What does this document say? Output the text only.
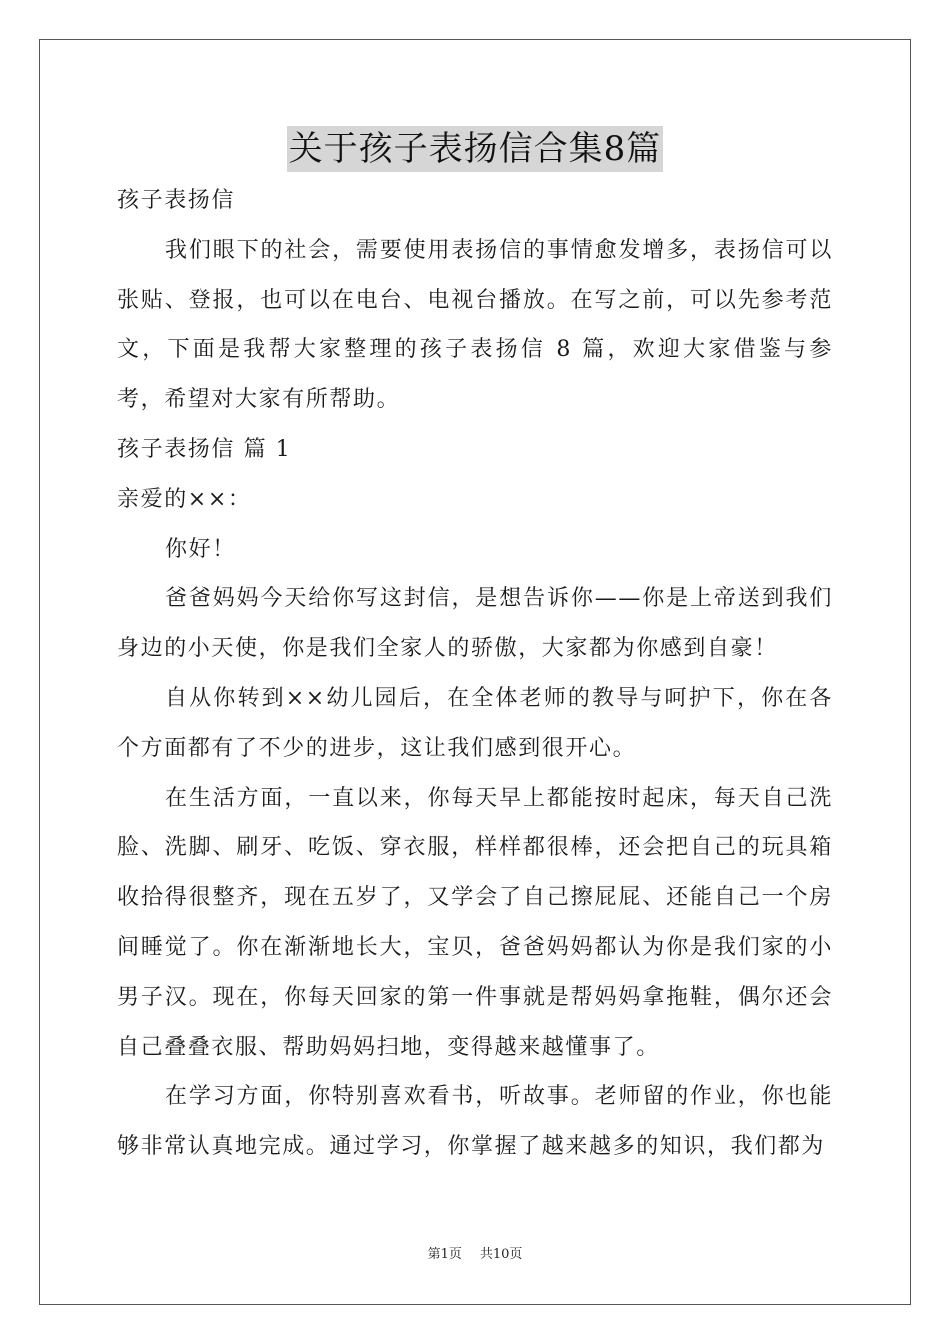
关于孩子表扬信合集8篇

孩子表扬信

我们眼下的社会，需要使用表扬信的事情愈发增多，表扬信可以张贴、登报，也可以在电台、电视台播放。在写之前，可以先参考范文，下面是我帮大家整理的孩子表扬信 8 篇，欢迎大家借鉴与参考，希望对大家有所帮助。

孩子表扬信 篇 1

亲爱的××：

你好！

爸爸妈妈今天给你写这封信，是想告诉你——你是上帝送到我们身边的小天使，你是我们全家人的骄傲，大家都为你感到自豪！

自从你转到××幼儿园后，在全体老师的教导与呵护下，你在各个方面都有了不少的进步，这让我们感到很开心。

在生活方面，一直以来，你每天早上都能按时起床，每天自己洗脸、洗脚、刷牙、吃饭、穿衣服，样样都很棒，还会把自己的玩具箱收拾得很整齐，现在五岁了，又学会了自己擦屁屁、还能自己一个房间睡觉了。你在渐渐地长大，宝贝，爸爸妈妈都认为你是我们家的小男子汉。现在，你每天回家的第一件事就是帮妈妈拿拖鞋，偶尔还会自己叠叠衣服、帮助妈妈扫地，变得越来越懂事了。

在学习方面，你特别喜欢看书，听故事。老师留的作业，你也能够非常认真地完成。通过学习，你掌握了越来越多的知识，我们都为

第1页 共10页
